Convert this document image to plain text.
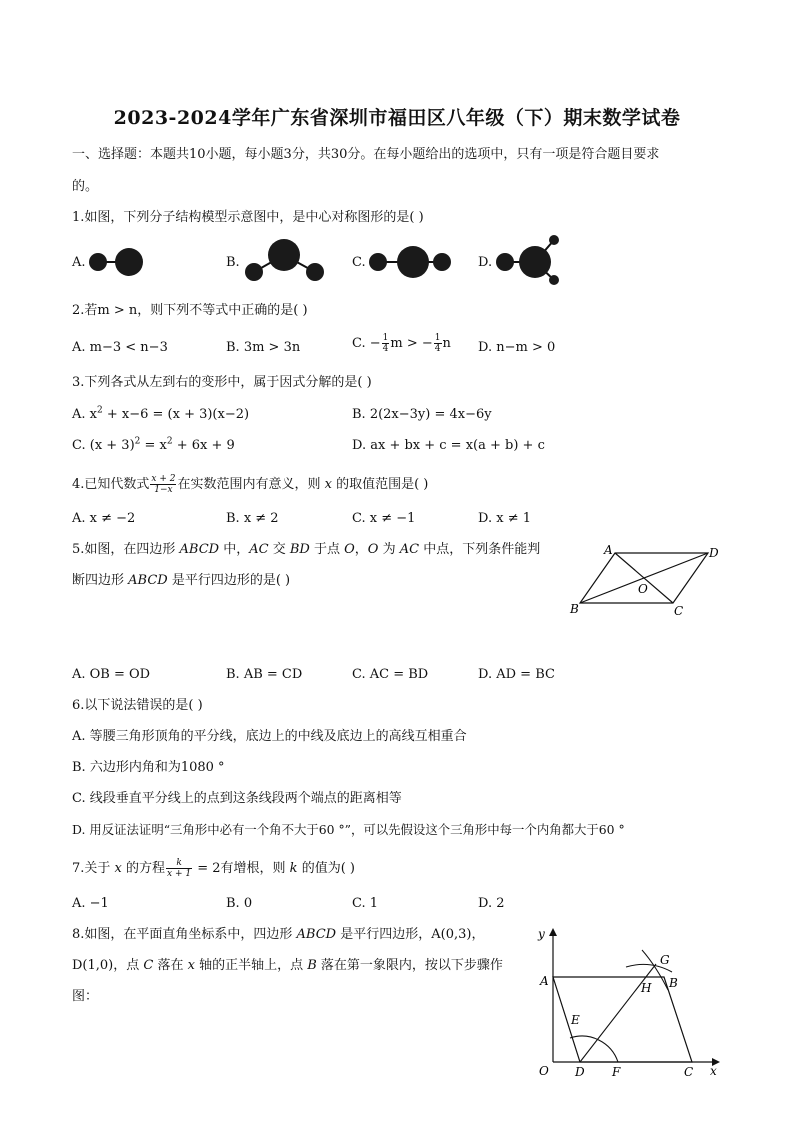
2023-2024学年广东省深圳市福田区八年级（下）期末数学试卷
一、选择题：本题共10小题，每小题3分，共30分。在每小题给出的选项中，只有一项是符合题目要求
的。
1.如图，下列分子结构模型示意图中，是中心对称图形的是( )
A.	B.	C.	D.
2.若m > n，则下列不等式中正确的是( )
A. m−3 < n−3	B. 3m > 3n	C. − $\frac{1}{4}$ m > − $\frac{1}{4}$ n D. n−m > 0
3.下列各式从左到右的变形中，属于因式分解的是( )
A. $x^2 + x-6 = (x + 3)(x-2)$	B. 2(2x−3y) = 4x−6y
C. $(x + 3)^2 = x^2 + 6x + 9$	D. ax + bx + c = x(a + b) + c
4.已知代数式 $\frac{x + 2}{1-x}$ 在实数范围内有意义，则 x 的取值范围是( )
A. x ≠ −2	B. x ≠ 2	C. x ≠ −1	D. x ≠ 1
5.如图，在四边形 ABCD 中，AC 交 BD 于点 O，O 为 AC 中点，下列条件能判
断四边形 ABCD 是平行四边形的是( )
A	D
O
B	C
A. OB = OD	B. AB = CD	C. AC = BD	D. AD = BC
6.以下说法错误的是( )
A. 等腰三角形顶角的平分线，底边上的中线及底边上的高线互相重合
B. 六边形内角和为1080 °
C. 线段垂直平分线上的点到这条线段两个端点的距离相等
D. 用反证法证明“三角形中必有一个角不大于60 °”，可以先假设这个三角形中每一个内角都大于60 °
7.关于 x 的方程 $\frac{k}{x + 1} = 2$有增根，则 k 的值为( )
A. −1	B. 0	C. 1	D. 2
8.如图，在平面直角坐标系中，四边形 ABCD 是平行四边形，A(0,3)，
D(1,0)，点 C 落在 x 轴的正半轴上，点 B 落在第一象限内，按以下步骤作
图：
y
A
G
H B
E
O D F	C x
